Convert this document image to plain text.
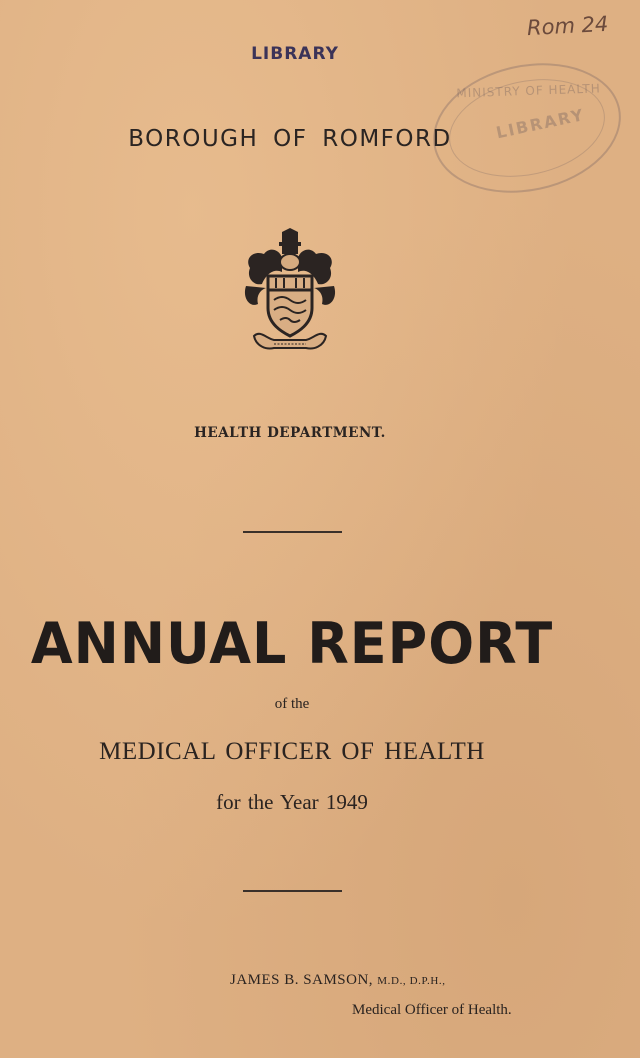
Rom 24
LIBRARY
MINISTRY OF HEALTH
LIBRARY
BOROUGH OF ROMFORD
HEALTH DEPARTMENT.
ANNUAL REPORT
of the
MEDICAL OFFICER OF HEALTH
for the Year 1949
JAMES B. SAMSON, M.D., D.P.H.,
Medical Officer of Health.
